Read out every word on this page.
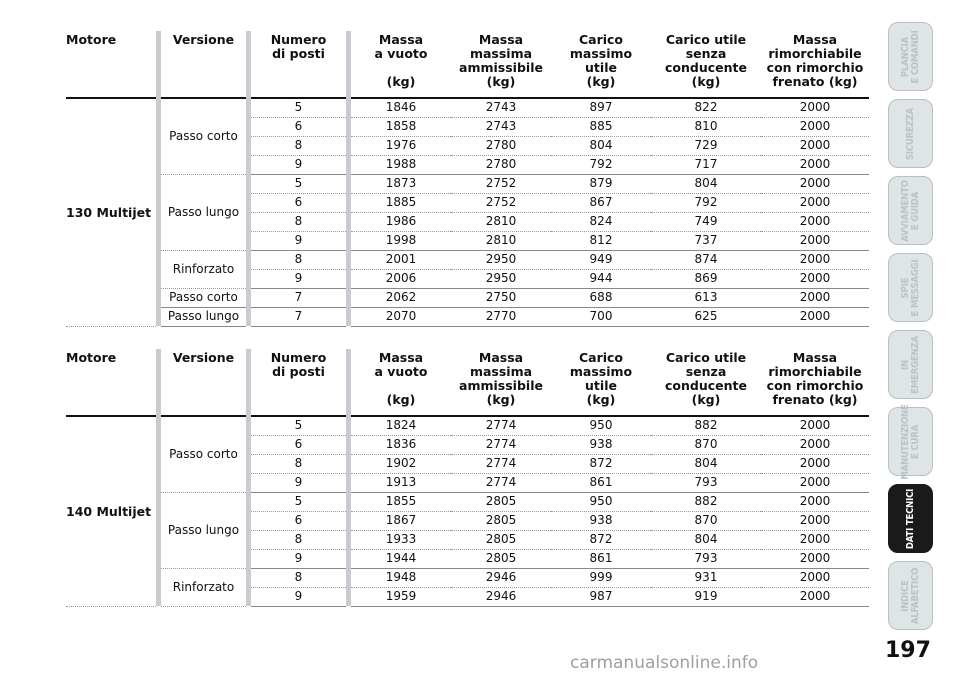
Motore		Versione		Numero
di posti		Massa
a vuoto

(kg)	Massa
massima
ammissibile
(kg)	Carico
massimo
utile
(kg)	Carico utile
senza
conducente
(kg)	Massa
rimorchiabile
con rimorchio
frenato (kg)
130 Multijet		Passo corto		5		1846	2743	897	822	2000
				6		1858	2743	885	810	2000
				8		1976	2780	804	729	2000
				9		1988	2780	792	717	2000
		Passo lungo		5		1873	2752	879	804	2000
				6		1885	2752	867	792	2000
				8		1986	2810	824	749	2000
				9		1998	2810	812	737	2000
		Rinforzato		8		2001	2950	949	874	2000
				9		2006	2950	944	869	2000
		Passo corto		7		2062	2750	688	613	2000
		Passo lungo		7		2070	2770	700	625	2000
Motore		Versione		Numero
di posti		Massa
a vuoto

(kg)	Massa
massima
ammissibile
(kg)	Carico
massimo
utile
(kg)	Carico utile
senza
conducente
(kg)	Massa
rimorchiabile
con rimorchio
frenato (kg)
140 Multijet		Passo corto		5		1824	2774	950	882	2000
				6		1836	2774	938	870	2000
				8		1902	2774	872	804	2000
				9		1913	2774	861	793	2000
		Passo lungo		5		1855	2805	950	882	2000
				6		1867	2805	938	870	2000
				8		1933	2805	872	804	2000
				9		1944	2805	861	793	2000
		Rinforzato		8		1948	2946	999	931	2000
				9		1959	2946	987	919	2000
PLANCIA
E COMANDI
SICUREZZA
AVVIAMENTO
E GUIDA
SPIE
E MESSAGGI
IN
EMERGENZA
MANUTENZIONE
E CURA
DATI TECNICI
INDICE
ALFABETICO
197
carmanualsonline.info
